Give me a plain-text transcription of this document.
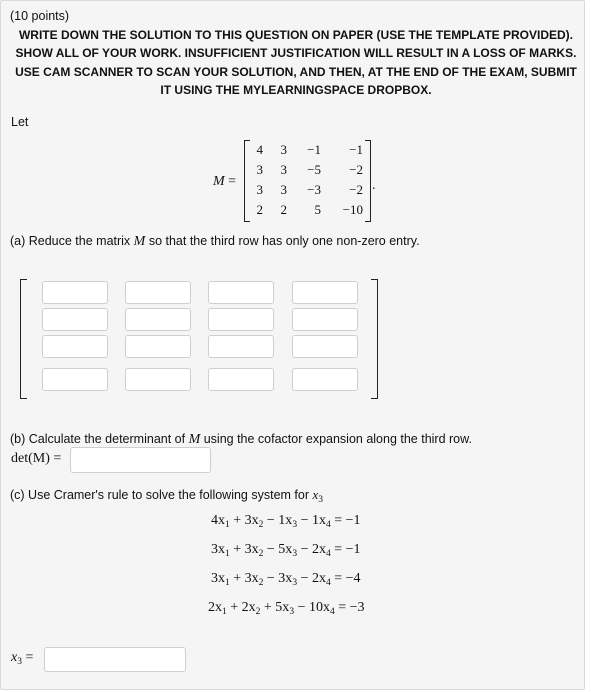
(10 points)
WRITE DOWN THE SOLUTION TO THIS QUESTION ON PAPER (USE THE TEMPLATE PROVIDED).
SHOW ALL OF YOUR WORK. INSUFFICIENT JUSTIFICATION WILL RESULT IN A LOSS OF MARKS.
USE CAM SCANNER TO SCAN YOUR SOLUTION, AND THEN, AT THE END OF THE EXAM, SUBMIT
IT USING THE MYLEARNINGSPACE DROPBOX.
Let
M =
4	3	−1	−1
3	3	−5	−2
3	3	−3	−2
2	2	5	−10
.
(a) Reduce the matrix M so that the third row has only one non-zero entry.
(b) Calculate the determinant of M using the cofactor expansion along the third row.
det(M) =
(c) Use Cramer's rule to solve the following system for $x_3$
$4x_1 + 3x_2 - 1x_3 - 1x_4 = -1$
$3x_1 + 3x_2 - 5x_3 - 2x_4 = -1$
$3x_1 + 3x_2 - 3x_3 - 2x_4 = -4$
$2x_1 + 2x_2 + 5x_3 - 10x_4 = -3$
$x_3$ =
